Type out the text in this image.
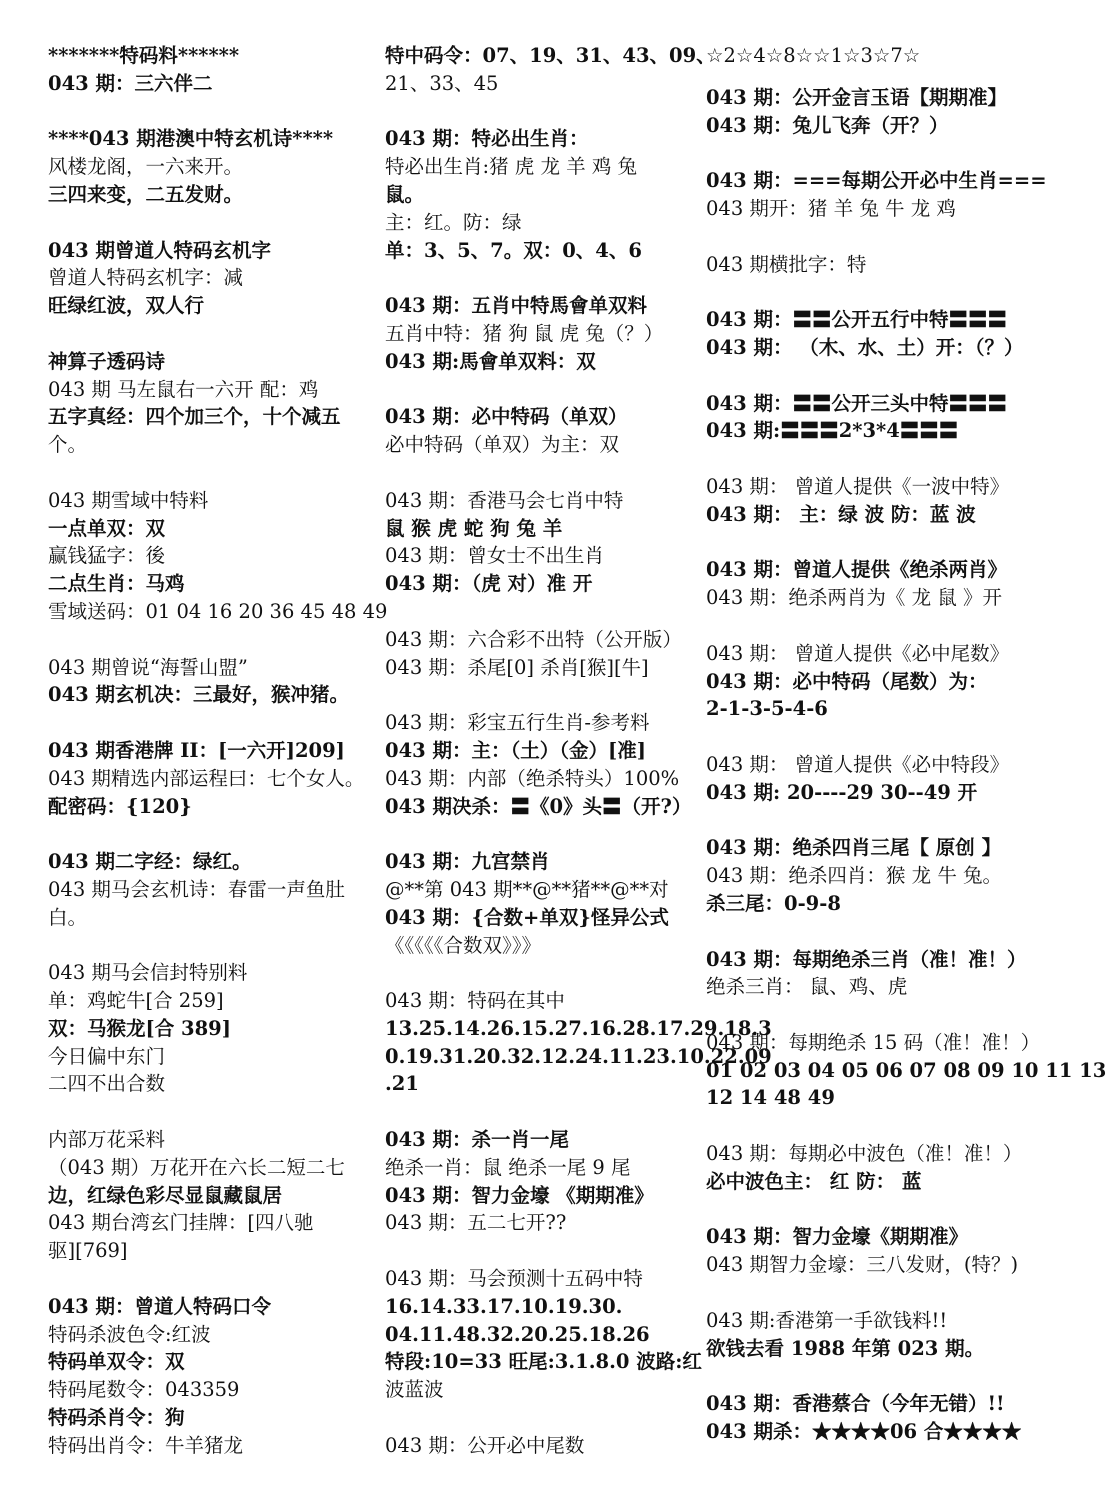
*******特码料******
043 期：三六伴二
****043 期港澳中特玄机诗****
风楼龙阁，一六来开。
三四来变，二五发财。
043 期曾道人特码玄机字
曾道人特码玄机字：减
旺绿红波，双人行
神算子透码诗
043 期 马左鼠右一六开 配：鸡
五字真经：四个加三个，十个减五
个。
043 期雪域中特料
一点单双：双
赢钱猛字：後
二点生肖：马鸡
雪域送码：01 04 16 20 36 45 48 49
043 期曾说“海誓山盟”
043 期玄机决：三最好，猴冲猪。
043 期香港牌 II：[一六开]209]
043 期精选内部运程曰：七个女人。
配密码：{120}
043 期二字经：绿红。
043 期马会玄机诗：春雷一声鱼肚
白。
043 期马会信封特别料
单：鸡蛇牛[合 259]
双：马猴龙[合 389]
今日偏中东门
二四不出合数
内部万花采料
（043 期）万花开在六长二短二七
边，红绿色彩尽显鼠藏鼠居
043 期台湾玄门挂牌：[四八驰
驱][769]
043 期：曾道人特码口令
特码杀波色令:红波
特码单双令：双
特码尾数令：043359
特码杀肖令：狗
特码出肖令：牛羊猪龙
特中码令：07、19、31、43、09、
21、33、45
043 期：特必出生肖：
特必出生肖:猪 虎 龙 羊 鸡 兔
鼠。
主：红。防：绿
单：3、5、7。双：0、4、6
043 期：五肖中特馬會单双料
五肖中特：猪 狗 鼠 虎 兔（？）
043 期:馬會单双料：双
043 期：必中特码（单双）
必中特码（单双）为主：双
043 期：香港马会七肖中特
鼠 猴 虎 蛇 狗 兔 羊
043 期：曾女士不出生肖
043 期：（虎 对）准 开
043 期：六合彩不出特（公开版）
043 期：杀尾[0] 杀肖[猴][牛]
043 期：彩宝五行生肖-参考料
043 期：主：（土）（金）[准]
043 期：内部（绝杀特头）100%
043 期决杀：〓《0》头〓（开?）
043 期：九宫禁肖
@**第 043 期**@**猪**@**对
043 期：{合数+单双}怪异公式
《《《《《合数双》》》
043 期：特码在其中
13.25.14.26.15.27.16.28.17.29.18.3
0.19.31.20.32.12.24.11.23.10.22.09
.21
043 期：杀一肖一尾
绝杀一肖：鼠 绝杀一尾 9 尾
043 期：智力金壕 《期期准》
043 期：五二七开??
043 期：马会预测十五码中特
16.14.33.17.10.19.30.
04.11.48.32.20.25.18.26
特段:10=33 旺尾:3.1.8.0 波路:红
波蓝波
043 期：公开必中尾数
☆2☆4☆8☆☆1☆3☆7☆
043 期：公开金言玉语【期期准】
043 期：兔儿飞奔（开？）
043 期：===每期公开必中生肖===
043 期开：猪 羊 兔 牛 龙 鸡
043 期横批字：特
043 期：〓〓公开五行中特〓〓〓
043 期： （木、水、土）开：（？）
043 期：〓〓公开三头中特〓〓〓
043 期:〓〓〓2*3*4〓〓〓
043 期： 曾道人提供《一波中特》
043 期： 主：绿 波 防：蓝 波
043 期：曾道人提供《绝杀两肖》
043 期：绝杀两肖为《 龙 鼠 》开
043 期： 曾道人提供《必中尾数》
043 期：必中特码（尾数）为：
2-1-3-5-4-6
043 期： 曾道人提供《必中特段》
043 期: 20----29 30--49 开
043 期：绝杀四肖三尾【 原创 】
043 期：绝杀四肖：猴 龙 牛 兔。
杀三尾：0-9-8
043 期：每期绝杀三肖（准！准！）
绝杀三肖： 鼠、鸡、虎
043 期：每期绝杀 15 码（准！准！）
01 02 03 04 05 06 07 08 09 10 11 13
12 14 48 49
043 期：每期必中波色（准！准！）
必中波色主： 红 防： 蓝
043 期：智力金壕《期期准》
043 期智力金壕：三八发财，(特？)
043 期:香港第一手欲钱料!!
欲钱去看 1988 年第 023 期。
043 期：香港蔡合（今年无错）!!
043 期杀：★★★★06 合★★★★
